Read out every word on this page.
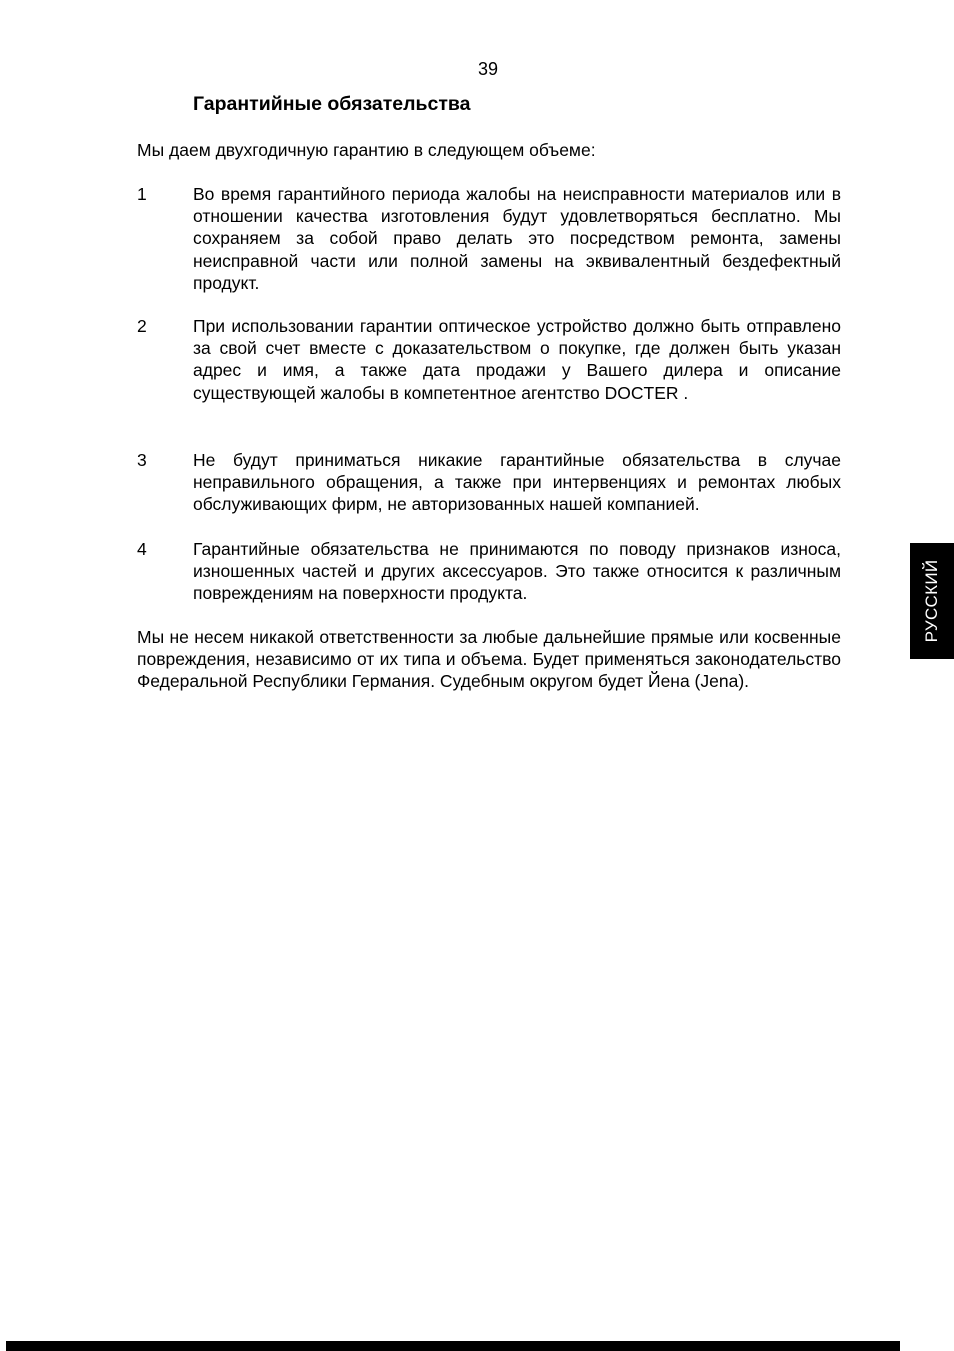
39
Гарантийные обязательства

Мы даем двухгодичную гарантию в следующем объеме:

1	Во время гарантийного периода жалобы на неисправности материалов или в отношении качества изготовления будут удовлетворяться бесплатно. Мы сохраняем за собой право делать это посредством ремонта, замены неисправной части или полной замены на эквивалентный бездефектный продукт.
2	При использовании гарантии оптическое устройство должно быть отправлено за свой счет вместе с доказательством о покупке, где должен быть указан адрес и имя, а также дата продажи у Вашего дилера и описание существующей жалобы в компетентное агентство DOCTER .
3	Не будут приниматься никакие гарантийные обязательства в случае неправильного обращения, а также при интервенциях и ремонтах любых обслуживающих фирм, не авторизованных нашей компанией.
4	Гарантийные обязательства не принимаются по поводу признаков износа, изношенных частей и других аксессуаров. Это также относится к различным повреждениям на поверхности продукта.

Мы не несем никакой ответственности за любые дальнейшие прямые или косвенные повреждения, независимо от их типа и объема. Будет применяться законодательство Федеральной Республики Германия. Судебным округом будет Йена (Jena).

РУССКИЙ
